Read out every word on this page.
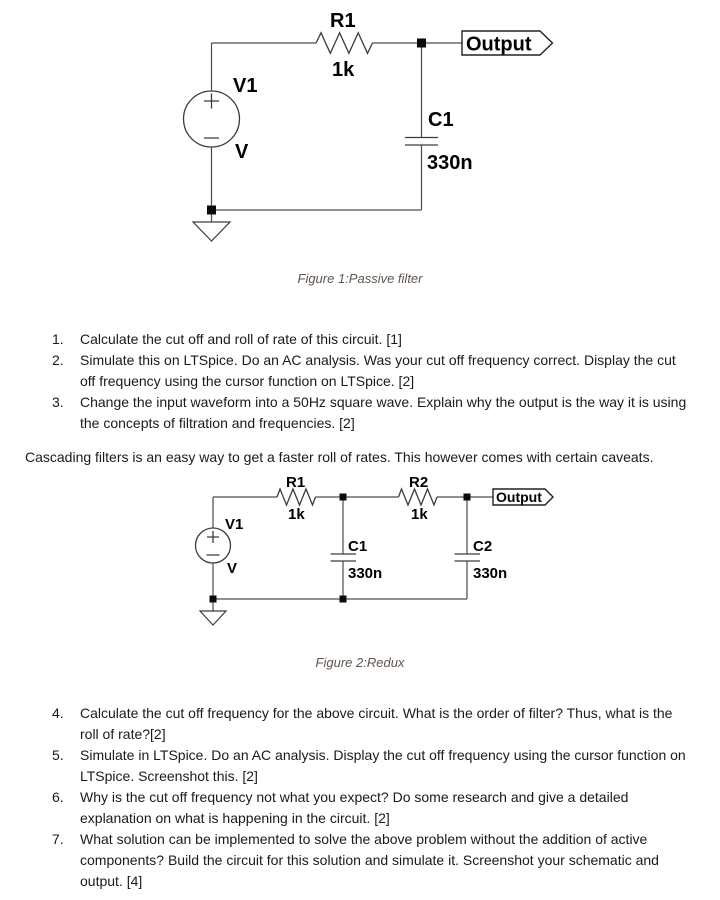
R1
1k
V1
V
C1
330n
Output
R1
1k
R2
1k
V1
V
C1
330n
C2
330n
Output
Figure 1:Passive filter
1.	Calculate the cut off and roll of rate of this circuit. [1]
2.	Simulate this on LTSpice. Do an AC analysis. Was your cut off frequency correct. Display the cut off frequency using the cursor function on LTSpice. [2]
3.	Change the input waveform into a 50Hz square wave. Explain why the output is the way it is using the concepts of filtration and frequencies. [2]
Cascading filters is an easy way to get a faster roll of rates. This however comes with certain caveats.
Figure 2:Redux
4.	Calculate the cut off frequency for the above circuit. What is the order of filter? Thus, what is the roll of rate?[2]
5.	Simulate in LTSpice. Do an AC analysis. Display the cut off frequency using the cursor function on LTSpice. Screenshot this. [2]
6.	Why is the cut off frequency not what you expect? Do some research and give a detailed explanation on what is happening in the circuit. [2]
7.	What solution can be implemented to solve the above problem without the addition of active components? Build the circuit for this solution and simulate it. Screenshot your schematic and output. [4]
